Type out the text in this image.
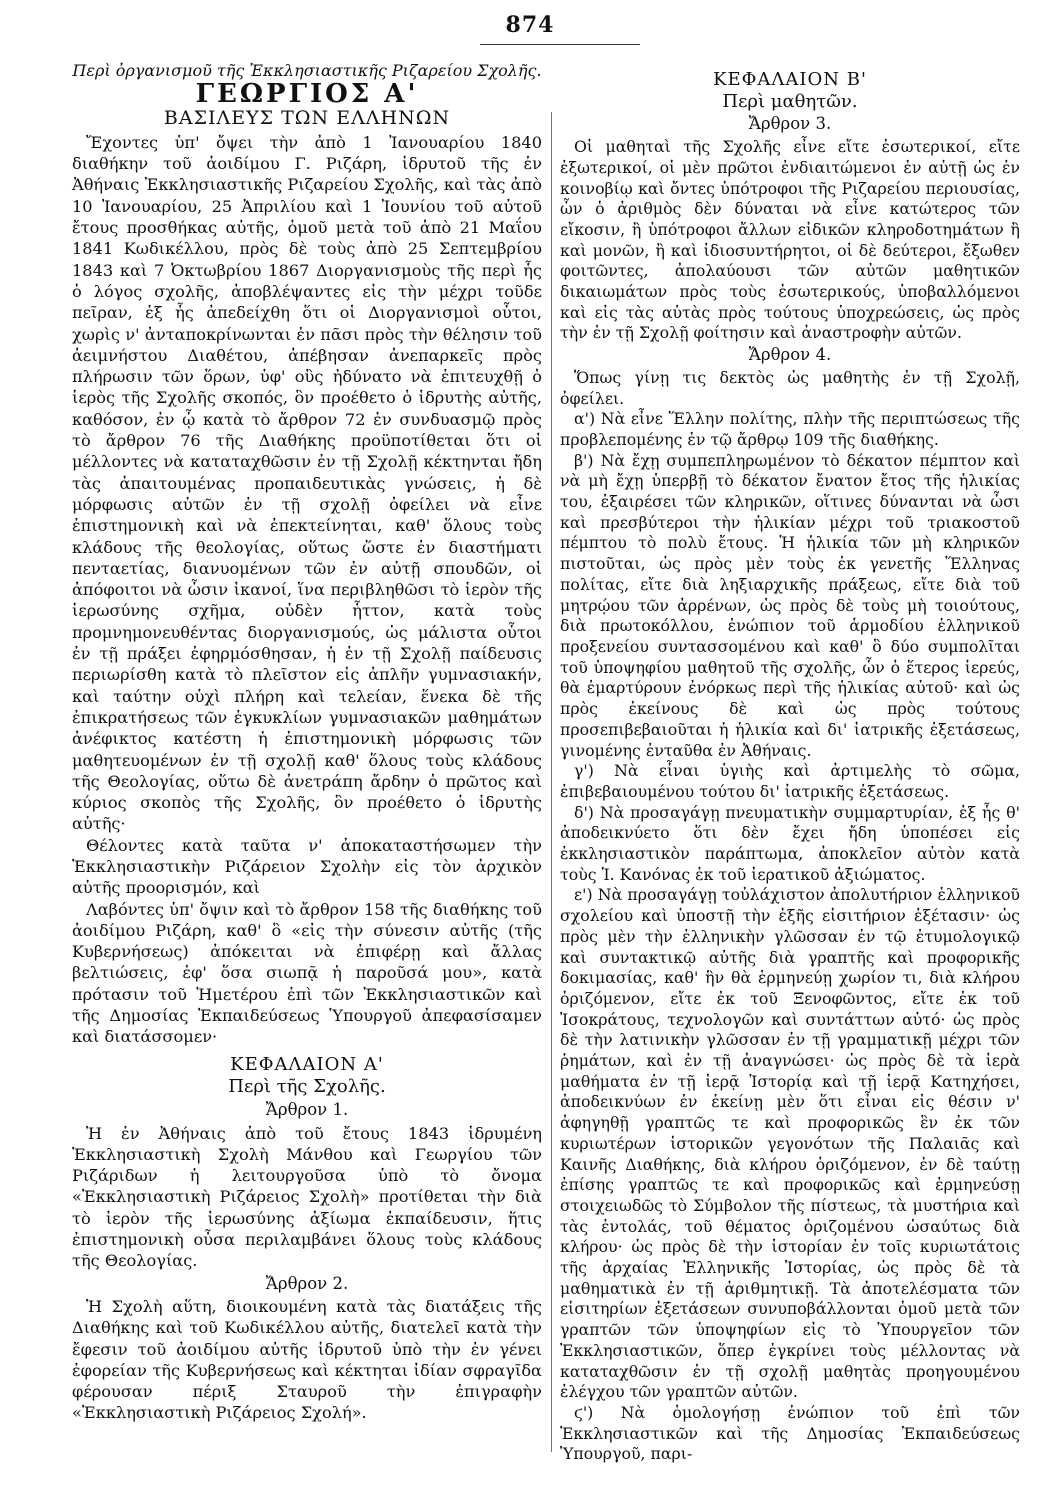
874
Περὶ ὀργανισμοῦ τῆς Ἐκκλησιαστικῆς Ριζαρείου Σχολῆς.
ΓΕΩΡΓΙΟΣ Α'
ΒΑΣΙΛΕΥΣ ΤΩΝ ΕΛΛΗΝΩΝ

Ἔχοντες ὑπ' ὄψει τὴν ἀπὸ 1 Ἰανουαρίου 1840 διαθήκην τοῦ ἀοιδίμου Γ. Ριζάρη, ἱδρυτοῦ τῆς ἐν Ἀθήναις Ἐκκλησιαστικῆς Ριζαρείου Σχολῆς, καὶ τὰς ἀπὸ 10 Ἰανουαρίου, 25 Ἀπριλίου καὶ 1 Ἰουνίου τοῦ αὐτοῦ ἔτους προσθήκας αὐτῆς, ὁμοῦ μετὰ τοῦ ἀπὸ 21 Μαΐου 1841 Κωδικέλλου, πρὸς δὲ τοὺς ἀπὸ 25 Σεπτεμβρίου 1843 καὶ 7 Ὀκτωβρίου 1867 Διοργανισμοὺς τῆς περὶ ἧς ὁ λόγος σχολῆς, ἀποβλέψαντες εἰς τὴν μέχρι τοῦδε πεῖραν, ἐξ ἧς ἀπεδείχθη ὅτι οἱ Διοργανισμοὶ οὗτοι, χωρὶς ν' ἀνταποκρίνωνται ἐν πᾶσι πρὸς τὴν θέλησιν τοῦ ἀειμνήστου Διαθέτου, ἀπέβησαν ἀνεπαρκεῖς πρὸς πλήρωσιν τῶν ὅρων, ὑφ' οὓς ἠδύνατο νὰ ἐπιτευχθῇ ὁ ἱερὸς τῆς Σχολῆς σκοπός, ὃν προέθετο ὁ ἱδρυτὴς αὐτῆς, καθόσον, ἐν ᾧ κατὰ τὸ ἄρθρον 72 ἐν συνδυασμῷ πρὸς τὸ ἄρθρον 76 τῆς Διαθήκης προϋποτίθεται ὅτι οἱ μέλλοντες νὰ καταταχθῶσιν ἐν τῇ Σχολῇ κέκτηνται ἤδη τὰς ἀπαιτουμένας προπαιδευτικὰς γνώσεις, ἡ δὲ μόρφωσις αὐτῶν ἐν τῇ σχολῇ ὀφείλει νὰ εἶνε ἐπιστημονικὴ καὶ νὰ ἐπεκτείνηται, καθ' ὅλους τοὺς κλάδους τῆς θεολογίας, οὕτως ὥστε ἐν διαστήματι πενταετίας, διανυομένων τῶν ἐν αὐτῇ σπουδῶν, οἱ ἀπόφοιτοι νὰ ὦσιν ἱκανοί, ἵνα περιβληθῶσι τὸ ἱερὸν τῆς ἱερωσύνης σχῆμα, οὐδὲν ἧττον, κατὰ τοὺς προμνημονευθέντας διοργανισμούς, ὡς μάλιστα οὗτοι ἐν τῇ πράξει ἐφηρμόσθησαν, ἡ ἐν τῇ Σχολῇ παίδευσις περιωρίσθη κατὰ τὸ πλεῖστον εἰς ἁπλῆν γυμνασιακήν, καὶ ταύτην οὐχὶ πλήρη καὶ τελείαν, ἕνεκα δὲ τῆς ἐπικρατήσεως τῶν ἐγκυκλίων γυμνασιακῶν μαθημάτων ἀνέφικτος κατέστη ἡ ἐπιστημονικὴ μόρφωσις τῶν μαθητευομένων ἐν τῇ σχολῇ καθ' ὅλους τοὺς κλάδους τῆς Θεολογίας, οὕτω δὲ ἀνετράπη ἄρδην ὁ πρῶτος καὶ κύριος σκοπὸς τῆς Σχολῆς, ὃν προέθετο ὁ ἱδρυτὴς αὐτῆς·

Θέλοντες κατὰ ταῦτα ν' ἀποκαταστήσωμεν τὴν Ἐκκλησιαστικὴν Ριζάρειον Σχολὴν εἰς τὸν ἀρχικὸν αὐτῆς προορισμόν, καὶ

Λαβόντες ὑπ' ὄψιν καὶ τὸ ἄρθρον 158 τῆς διαθήκης τοῦ ἀοιδίμου Ριζάρη, καθ' ὃ «εἰς τὴν σύνεσιν αὐτῆς (τῆς Κυβερνήσεως) ἀπόκειται νὰ ἐπιφέρῃ καὶ ἄλλας βελτιώσεις, ἐφ' ὅσα σιωπᾷ ἡ παροῦσά μου», κατὰ πρότασιν τοῦ Ἡμετέρου ἐπὶ τῶν Ἐκκλησιαστικῶν καὶ τῆς Δημοσίας Ἐκπαιδεύσεως Ὑπουργοῦ ἀπεφασίσαμεν καὶ διατάσσομεν·

ΚΕΦΑΛΑΙΟΝ Α'
Περὶ τῆς Σχολῆς.
Ἄρθρον 1.

Ἡ ἐν Ἀθήναις ἀπὸ τοῦ ἔτους 1843 ἱδρυμένη Ἐκκλησιαστικὴ Σχολὴ Μάνθου καὶ Γεωργίου τῶν Ριζάριδων ἡ λειτουργοῦσα ὑπὸ τὸ ὄνομα «Ἐκκλησιαστικὴ Ριζάρειος Σχολὴ» προτίθεται τὴν διὰ τὸ ἱερὸν τῆς ἱερωσύνης ἀξίωμα ἐκπαίδευσιν, ἥτις ἐπιστημονικὴ οὖσα περιλαμβάνει ὅλους τοὺς κλάδους τῆς Θεολογίας.

Ἄρθρον 2.

Ἡ Σχολὴ αὕτη, διοικουμένη κατὰ τὰς διατάξεις τῆς Διαθήκης καὶ τοῦ Κωδικέλλου αὐτῆς, διατελεῖ κατὰ τὴν ἔφεσιν τοῦ ἀοιδίμου αὐτῆς ἱδρυτοῦ ὑπὸ τὴν ἐν γένει ἐφορείαν τῆς Κυβερνήσεως καὶ κέκτηται ἰδίαν σφραγῖδα φέρουσαν πέριξ Σταυροῦ τὴν ἐπιγραφὴν «Ἐκκλησιαστικὴ Ριζάρειος Σχολή».

ΚΕΦΑΛΑΙΟΝ Β'
Περὶ μαθητῶν.
Ἄρθρον 3.

Οἱ μαθηταὶ τῆς Σχολῆς εἶνε εἴτε ἐσωτερικοί, εἴτε ἐξωτερικοί, οἱ μὲν πρῶτοι ἐνδιαιτώμενοι ἐν αὐτῇ ὡς ἐν κοινοβίῳ καὶ ὄντες ὑπότροφοι τῆς Ριζαρείου περιουσίας, ὧν ὁ ἀριθμὸς δὲν δύναται νὰ εἶνε κατώτερος τῶν εἴκοσιν, ἢ ὑπότροφοι ἄλλων εἰδικῶν κληροδοτημάτων ἢ καὶ μονῶν, ἢ καὶ ἰδιοσυντήρητοι, οἱ δὲ δεύτεροι, ἔξωθεν φοιτῶντες, ἀπολαύουσι τῶν αὐτῶν μαθητικῶν δικαιωμάτων πρὸς τοὺς ἐσωτερικούς, ὑποβαλλόμενοι καὶ εἰς τὰς αὐτὰς πρὸς τούτους ὑποχρεώσεις, ὡς πρὸς τὴν ἐν τῇ Σχολῇ φοίτησιν καὶ ἀναστροφὴν αὐτῶν.

Ἄρθρον 4.

Ὅπως γίνῃ τις δεκτὸς ὡς μαθητὴς ἐν τῇ Σχολῇ, ὀφείλει.

α') Νὰ εἶνε Ἕλλην πολίτης, πλὴν τῆς περιπτώσεως τῆς προβλεπομένης ἐν τῷ ἄρθρῳ 109 τῆς διαθήκης.

β') Νὰ ἔχῃ συμπεπληρωμένον τὸ δέκατον πέμπτον καὶ νὰ μὴ ἔχῃ ὑπερβῇ τὸ δέκατον ἔνατον ἔτος τῆς ἡλικίας του, ἐξαιρέσει τῶν κληρικῶν, οἵτινες δύνανται νὰ ὦσι καὶ πρεσβύτεροι τὴν ἡλικίαν μέχρι τοῦ τριακοστοῦ πέμπτου τὸ πολὺ ἔτους. Ἡ ἡλικία τῶν μὴ κληρικῶν πιστοῦται, ὡς πρὸς μὲν τοὺς ἐκ γενετῆς Ἕλληνας πολίτας, εἴτε διὰ ληξιαρχικῆς πράξεως, εἴτε διὰ τοῦ μητρῴου τῶν ἀρρένων, ὡς πρὸς δὲ τοὺς μὴ τοιούτους, διὰ πρωτοκόλλου, ἐνώπιον τοῦ ἁρμοδίου ἑλληνικοῦ προξενείου συντασσομένου καὶ καθ' ὃ δύο συμπολῖται τοῦ ὑποψηφίου μαθητοῦ τῆς σχολῆς, ὧν ὁ ἕτερος ἱερεύς, θὰ ἐμαρτύρουν ἐνόρκως περὶ τῆς ἡλικίας αὐτοῦ· καὶ ὡς πρὸς ἐκείνους δὲ καὶ ὡς πρὸς τούτους προσεπιβεβαιοῦται ἡ ἡλικία καὶ δι' ἰατρικῆς ἐξετάσεως, γινομένης ἐνταῦθα ἐν Ἀθήναις.

γ') Νὰ εἶναι ὑγιὴς καὶ ἀρτιμελὴς τὸ σῶμα, ἐπιβεβαιουμένου τούτου δι' ἰατρικῆς ἐξετάσεως.

δ') Νὰ προσαγάγῃ πνευματικὴν συμμαρτυρίαν, ἐξ ἧς θ' ἀποδεικνύετο ὅτι δὲν ἔχει ἤδη ὑποπέσει εἰς ἐκκλησιαστικὸν παράπτωμα, ἀποκλεῖον αὐτὸν κατὰ τοὺς Ἱ. Κανόνας ἐκ τοῦ ἱερατικοῦ ἀξιώματος.

ε') Νὰ προσαγάγῃ τοὐλάχιστον ἀπολυτήριον ἑλληνικοῦ σχολείου καὶ ὑποστῇ τὴν ἑξῆς εἰσιτήριον ἐξέτασιν· ὡς πρὸς μὲν τὴν ἑλληνικὴν γλῶσσαν ἐν τῷ ἐτυμολογικῷ καὶ συντακτικῷ αὐτῆς διὰ γραπτῆς καὶ προφορικῆς δοκιμασίας, καθ' ἣν θὰ ἑρμηνεύῃ χωρίον τι, διὰ κλήρου ὁριζόμενον, εἴτε ἐκ τοῦ Ξενοφῶντος, εἴτε ἐκ τοῦ Ἰσοκράτους, τεχνολογῶν καὶ συντάττων αὐτό· ὡς πρὸς δὲ τὴν λατινικὴν γλῶσσαν ἐν τῇ γραμματικῇ μέχρι τῶν ῥημάτων, καὶ ἐν τῇ ἀναγνώσει· ὡς πρὸς δὲ τὰ ἱερὰ μαθήματα ἐν τῇ ἱερᾷ Ἱστορίᾳ καὶ τῇ ἱερᾷ Κατηχήσει, ἀποδεικνύων ἐν ἐκείνῃ μὲν ὅτι εἶναι εἰς θέσιν ν' ἀφηγηθῇ γραπτῶς τε καὶ προφορικῶς ἓν ἐκ τῶν κυριωτέρων ἱστορικῶν γεγονότων τῆς Παλαιᾶς καὶ Καινῆς Διαθήκης, διὰ κλήρου ὁριζόμενον, ἐν δὲ ταύτῃ ἐπίσης γραπτῶς τε καὶ προφορικῶς καὶ ἑρμηνεύσῃ στοιχειωδῶς τὸ Σύμβολον τῆς πίστεως, τὰ μυστήρια καὶ τὰς ἐντολάς, τοῦ θέματος ὁριζομένου ὡσαύτως διὰ κλήρου· ὡς πρὸς δὲ τὴν ἱστορίαν ἐν τοῖς κυριωτάτοις τῆς ἀρχαίας Ἑλληνικῆς Ἱστορίας, ὡς πρὸς δὲ τὰ μαθηματικὰ ἐν τῇ ἀριθμητικῇ. Τὰ ἀποτελέσματα τῶν εἰσιτηρίων ἐξετάσεων συνυποβάλλονται ὁμοῦ μετὰ τῶν γραπτῶν τῶν ὑποψηφίων εἰς τὸ Ὑπουργεῖον τῶν Ἐκκλησιαστικῶν, ὅπερ ἐγκρίνει τοὺς μέλλοντας νὰ καταταχθῶσιν ἐν τῇ σχολῇ μαθητὰς προηγουμένου ἐλέγχου τῶν γραπτῶν αὐτῶν.

ϛ') Νὰ ὁμολογήσῃ ἐνώπιον τοῦ ἐπὶ τῶν Ἐκκλησιαστικῶν καὶ τῆς Δημοσίας Ἐκπαιδεύσεως Ὑπουργοῦ, παρι-
